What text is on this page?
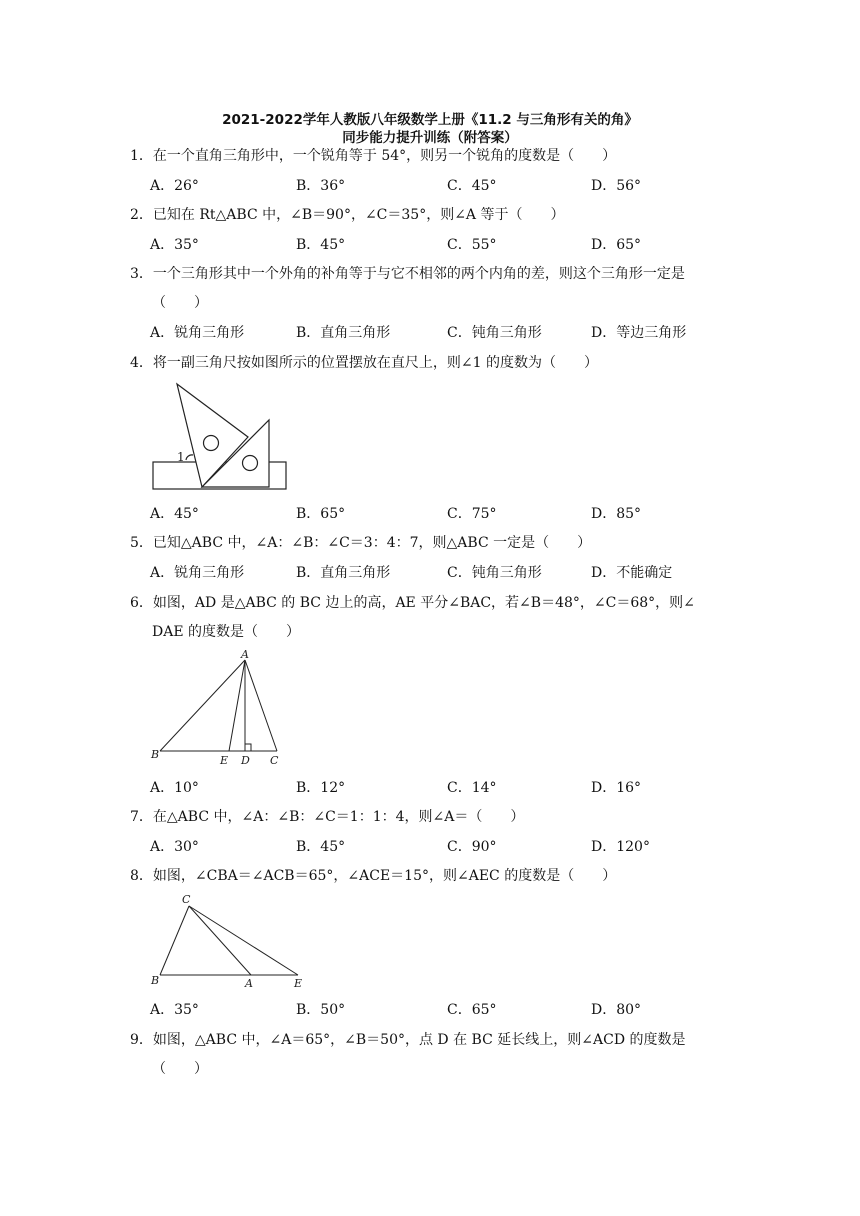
2021-2022学年人教版八年级数学上册《11.2 与三角形有关的角》
同步能力提升训练（附答案）
1．在一个直角三角形中，一个锐角等于 54°，则另一个锐角的度数是（　　）
A．26°	B．36°	C．45°	D．56°
2．已知在 Rt△ABC 中，∠B＝90°，∠C＝35°，则∠A 等于（　　）
A．35°	B．45°	C．55°	D．65°
3．一个三角形其中一个外角的补角等于与它不相邻的两个内角的差，则这个三角形一定是
（　　）
A．锐角三角形	B．直角三角形	C．钝角三角形	D．等边三角形
4．将一副三角尺按如图所示的位置摆放在直尺上，则∠1 的度数为（　　）
1
A．45°	B．65°	C．75°	D．85°
5．已知△ABC 中，∠A：∠B：∠C＝3：4：7，则△ABC 一定是（　　）
A．锐角三角形	B．直角三角形	C．钝角三角形	D．不能确定
6．如图，AD 是△ABC 的 BC 边上的高，AE 平分∠BAC，若∠B＝48°，∠C＝68°，则∠
DAE 的度数是（　　）
A
B	E D C
A．10°	B．12°	C．14°	D．16°
7．在△ABC 中，∠A：∠B：∠C＝1：1：4，则∠A＝（　　）
A．30°	B．45°	C．90°	D．120°
8．如图，∠CBA＝∠ACB＝65°，∠ACE＝15°，则∠AEC 的度数是（　　）
C
B	A	E
A．35°	B．50°	C．65°	D．80°
9．如图，△ABC 中，∠A＝65°，∠B＝50°，点 D 在 BC 延长线上，则∠ACD 的度数是
（　　）
